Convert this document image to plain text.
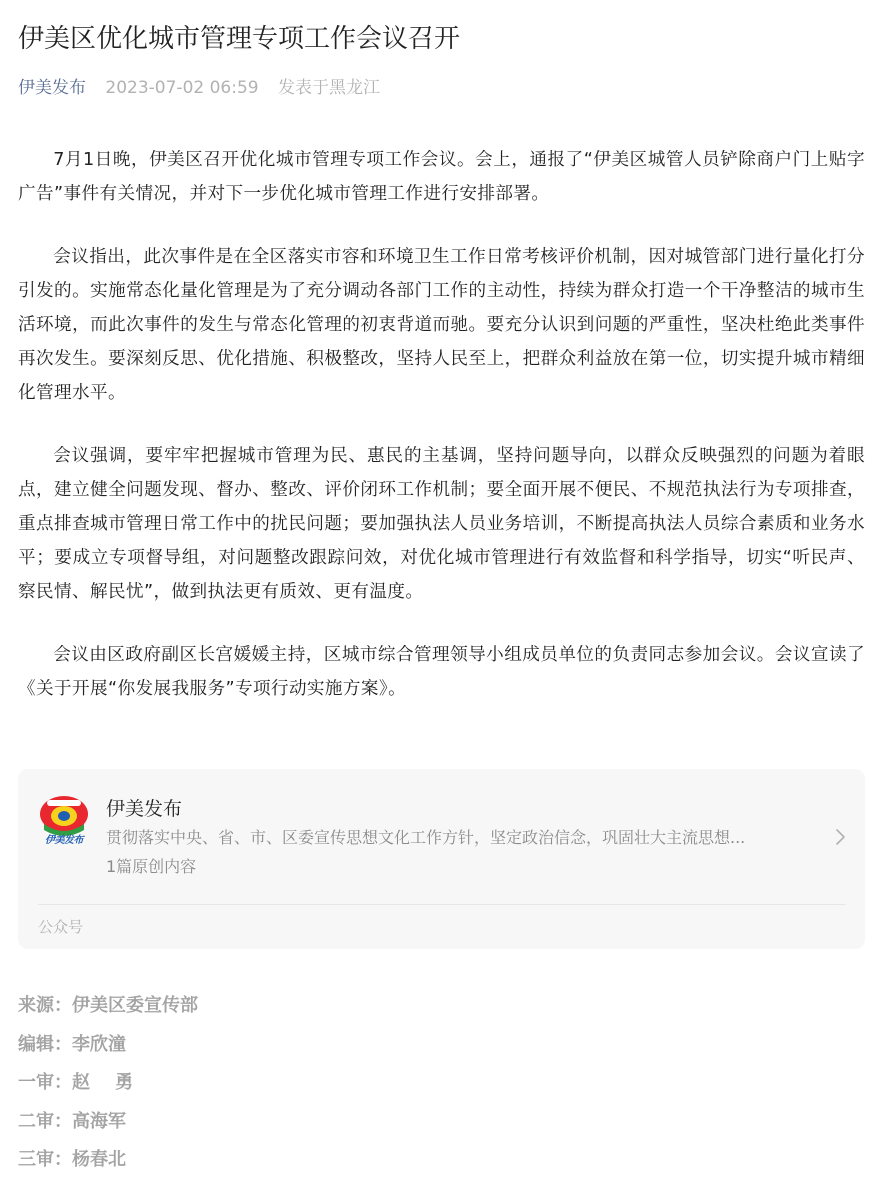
伊美区优化城市管理专项工作会议召开
伊美发布 2023-07-02 06:59 发表于黑龙江

7月1日晚，伊美区召开优化城市管理专项工作会议。会上，通报了“伊美区城管人员铲除商户门上贴字广告”事件有关情况，并对下一步优化城市管理工作进行安排部署。

会议指出，此次事件是在全区落实市容和环境卫生工作日常考核评价机制，因对城管部门进行量化打分引发的。实施常态化量化管理是为了充分调动各部门工作的主动性，持续为群众打造一个干净整洁的城市生活环境，而此次事件的发生与常态化管理的初衷背道而驰。要充分认识到问题的严重性，坚决杜绝此类事件再次发生。要深刻反思、优化措施、积极整改，坚持人民至上，把群众利益放在第一位，切实提升城市精细化管理水平。

会议强调，要牢牢把握城市管理为民、惠民的主基调，坚持问题导向，以群众反映强烈的问题为着眼点，建立健全问题发现、督办、整改、评价闭环工作机制；要全面开展不便民、不规范执法行为专项排查，重点排查城市管理日常工作中的扰民问题；要加强执法人员业务培训，不断提高执法人员综合素质和业务水平；要成立专项督导组，对问题整改跟踪问效，对优化城市管理进行有效监督和科学指导，切实“听民声、察民情、解民忧”，做到执法更有质效、更有温度。

会议由区政府副区长宫媛媛主持，区城市综合管理领导小组成员单位的负责同志参加会议。会议宣读了《关于开展“你发展我服务”专项行动实施方案》。

伊美发布
伊美发布
贯彻落实中央、省、市、区委宣传思想文化工作方针，坚定政治信念，巩固壮大主流思想...
1篇原创内容
公众号
来源：伊美区委宣传部
编辑：李欣潼
一审：赵    勇
二审：高海军
三审：杨春北
